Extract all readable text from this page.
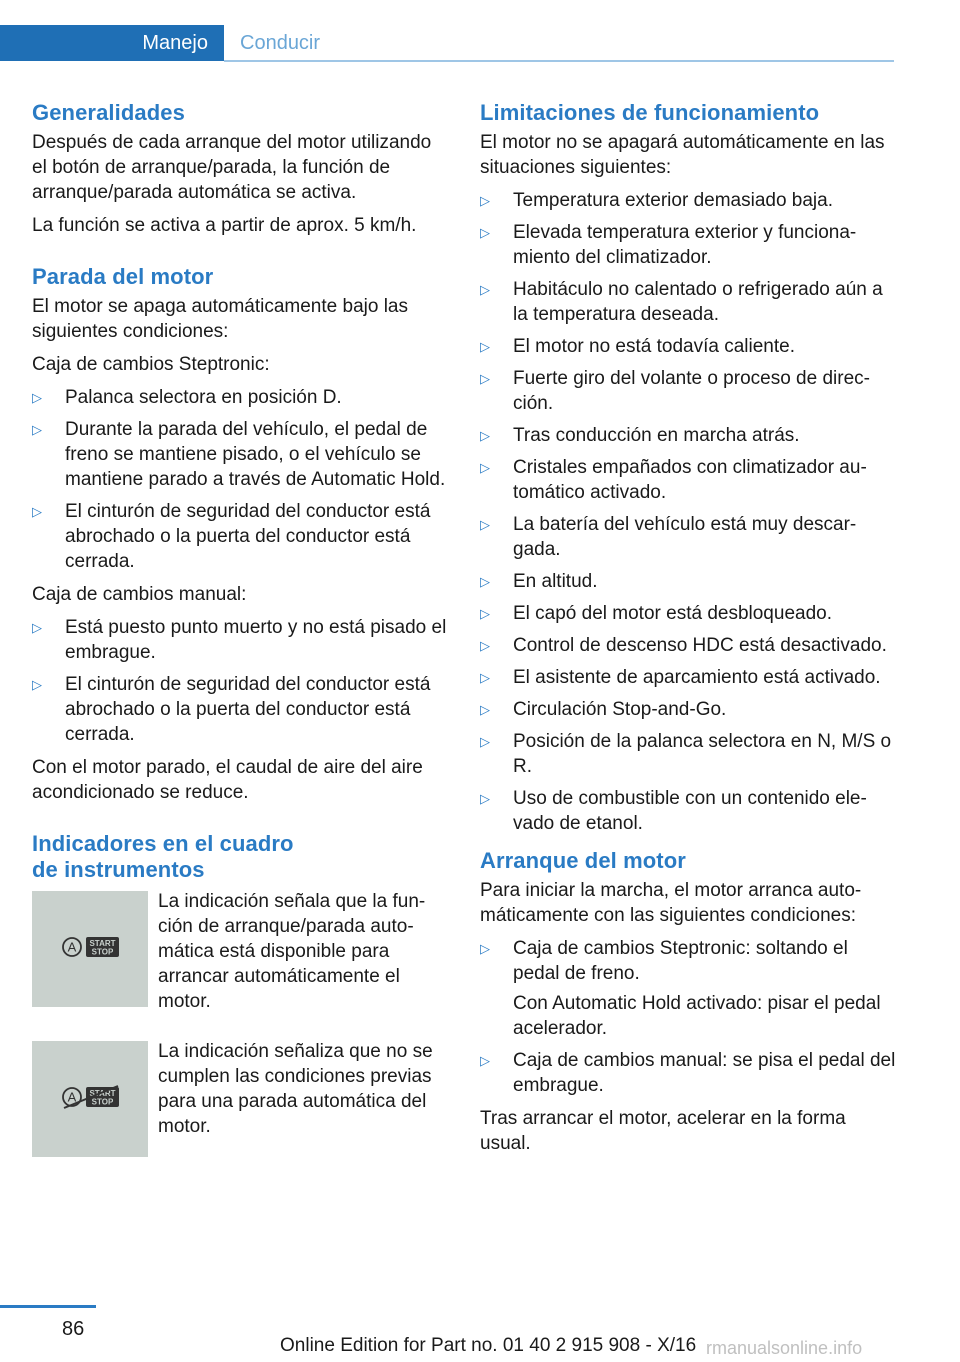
Manejo Conducir
Generalidades

Después de cada arranque del motor utilizando el botón de arranque/parada, la función de arranque/parada automática se activa.

La función se activa a partir de aprox. 5 km/h.

Parada del motor

El motor se apaga automáticamente bajo las siguientes condiciones:

Caja de cambios Steptronic:

▷	Palanca selectora en posición D.
▷	Durante la parada del vehículo, el pedal de freno se mantiene pisado, o el vehículo se mantiene parado a través de Automatic Hold.
▷	El cinturón de seguridad del conductor está abrochado o la puerta del conductor está cerrada.

Caja de cambios manual:

▷	Está puesto punto muerto y no está pisado el embrague.
▷	El cinturón de seguridad del conductor está abrochado o la puerta del conductor está cerrada.

Con el motor parado, el caudal de aire del aire acondicionado se reduce.

Indicadores en el cuadro
de instrumentos
A START
STOP

La indicación señala que la función de arranque/parada automática está disponible para arrancar automáticamente el motor.

A START
STOP

La indicación señaliza que no se cumplen las condiciones previas para una parada automática del motor.

Limitaciones de funcionamiento

El motor no se apagará automáticamente en las situaciones siguientes:

▷	Temperatura exterior demasiado baja.
▷	Elevada temperatura exterior y funcionamiento del climatizador.
▷	Habitáculo no calentado o refrigerado aún a la temperatura deseada.
▷	El motor no está todavía caliente.
▷	Fuerte giro del volante o proceso de dirección.
▷	Tras conducción en marcha atrás.
▷	Cristales empañados con climatizador automático activado.
▷	La batería del vehículo está muy descargada.
▷	En altitud.
▷	El capó del motor está desbloqueado.
▷	Control de descenso HDC está desactivado.
▷	El asistente de aparcamiento está activado.
▷	Circulación Stop-and-Go.
▷	Posición de la palanca selectora en N, M/S o R.
▷	Uso de combustible con un contenido elevado de etanol.
Arranque del motor

Para iniciar la marcha, el motor arranca automáticamente con las siguientes condiciones:

▷	Caja de cambios Steptronic: soltando el pedal de freno.
Con Automatic Hold activado: pisar el pedal acelerador.
▷	Caja de cambios manual: se pisa el pedal del embrague.

Tras arrancar el motor, acelerar en la forma usual.

86
Online Edition for Part no. 01 40 2 915 908 - X/16 rmanualsonline.info
